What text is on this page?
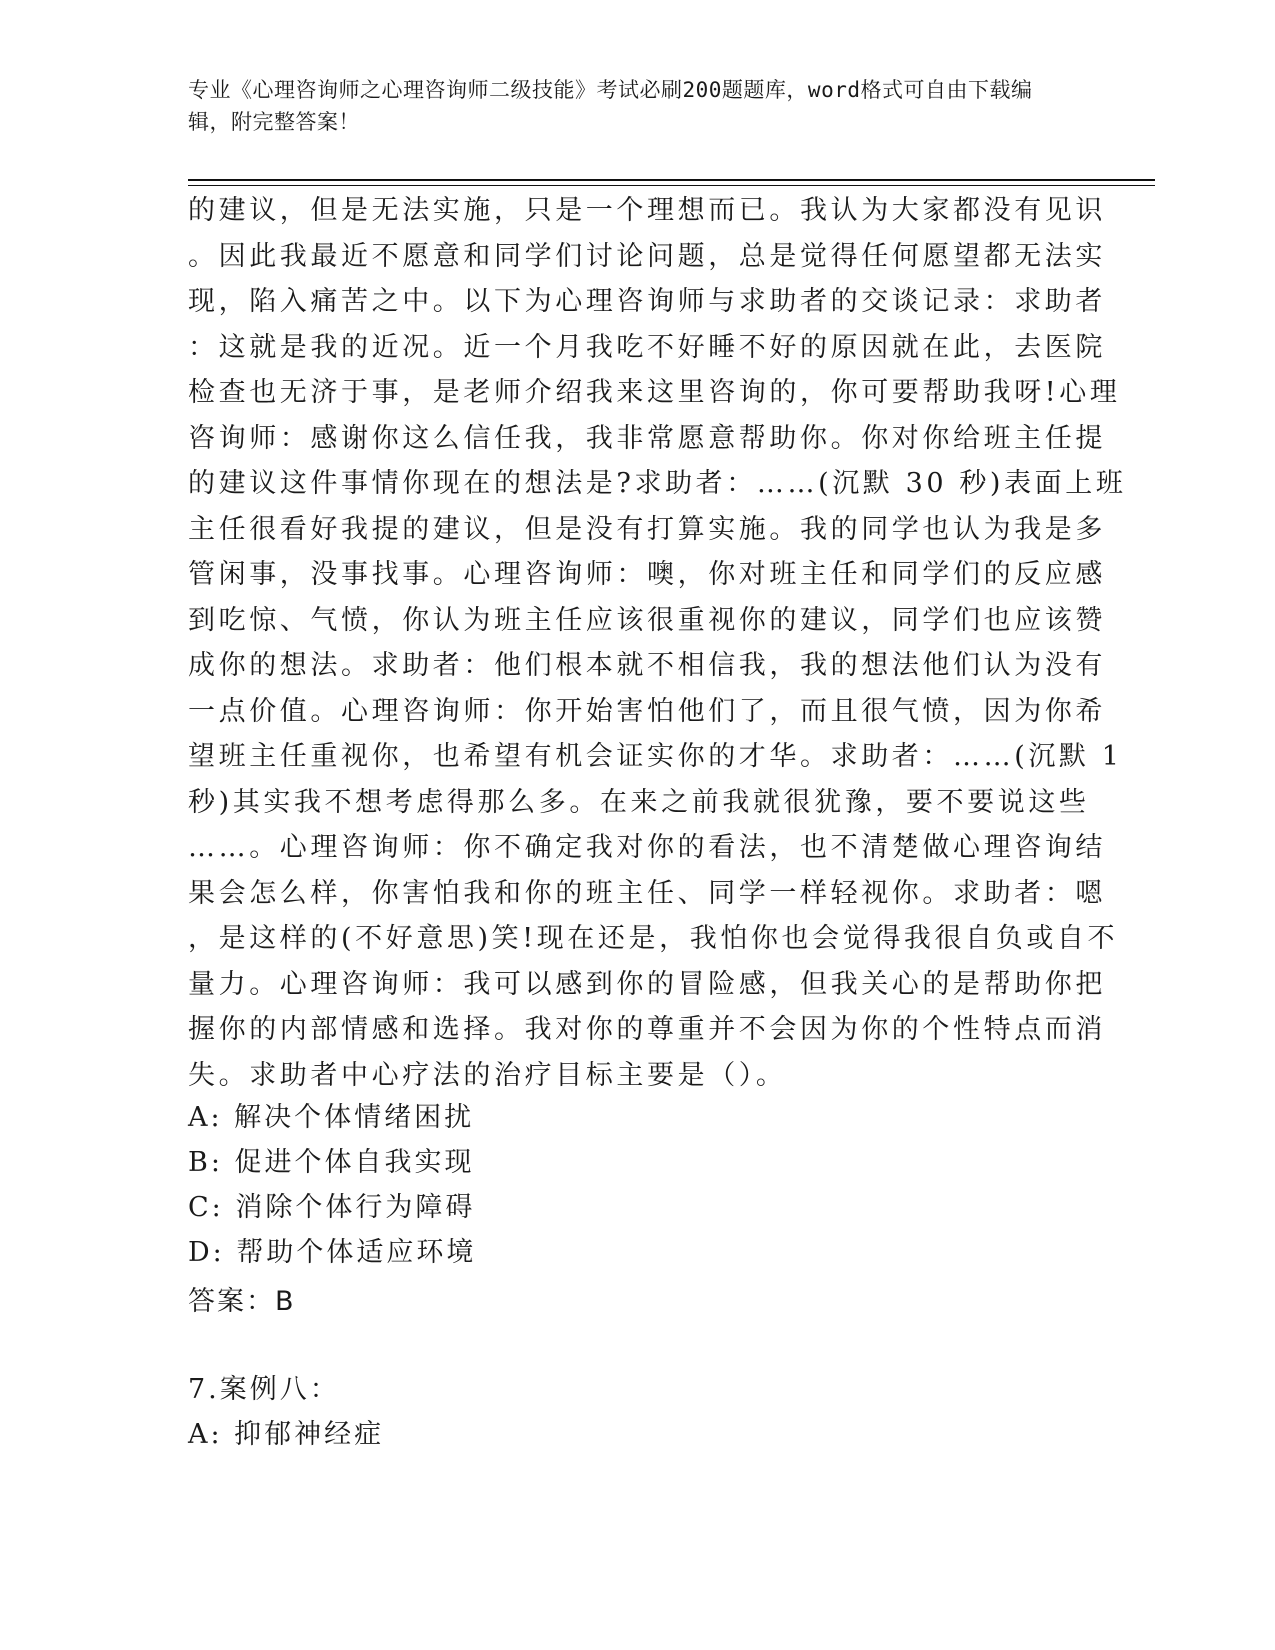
专业《心理咨询师之心理咨询师二级技能》考试必刷200题题库，word格式可自由下载编辑，附完整答案！
的建议，但是无法实施，只是一个理想而已。我认为大家都没有见识
。因此我最近不愿意和同学们讨论问题，总是觉得任何愿望都无法实
现，陷入痛苦之中。以下为心理咨询师与求助者的交谈记录：求助者
：这就是我的近况。近一个月我吃不好睡不好的原因就在此，去医院
检查也无济于事，是老师介绍我来这里咨询的，你可要帮助我呀!心理
咨询师：感谢你这么信任我，我非常愿意帮助你。你对你给班主任提
的建议这件事情你现在的想法是?求助者：……(沉默 30 秒)表面上班
主任很看好我提的建议，但是没有打算实施。我的同学也认为我是多
管闲事，没事找事。心理咨询师：噢，你对班主任和同学们的反应感
到吃惊、气愤，你认为班主任应该很重视你的建议，同学们也应该赞
成你的想法。求助者：他们根本就不相信我，我的想法他们认为没有
一点价值。心理咨询师：你开始害怕他们了，而且很气愤，因为你希
望班主任重视你，也希望有机会证实你的才华。求助者：……(沉默 1
秒)其实我不想考虑得那么多。在来之前我就很犹豫，要不要说这些
……。心理咨询师：你不确定我对你的看法，也不清楚做心理咨询结
果会怎么样，你害怕我和你的班主任、同学一样轻视你。求助者：嗯
，是这样的(不好意思)笑!现在还是，我怕你也会觉得我很自负或自不
量力。心理咨询师：我可以感到你的冒险感，但我关心的是帮助你把
握你的内部情感和选择。我对你的尊重并不会因为你的个性特点而消
失。求助者中心疗法的治疗目标主要是（）。
A: 解决个体情绪困扰
B: 促进个体自我实现
C: 消除个体行为障碍
D: 帮助个体适应环境
答案：B
7.案例八：
A: 抑郁神经症
